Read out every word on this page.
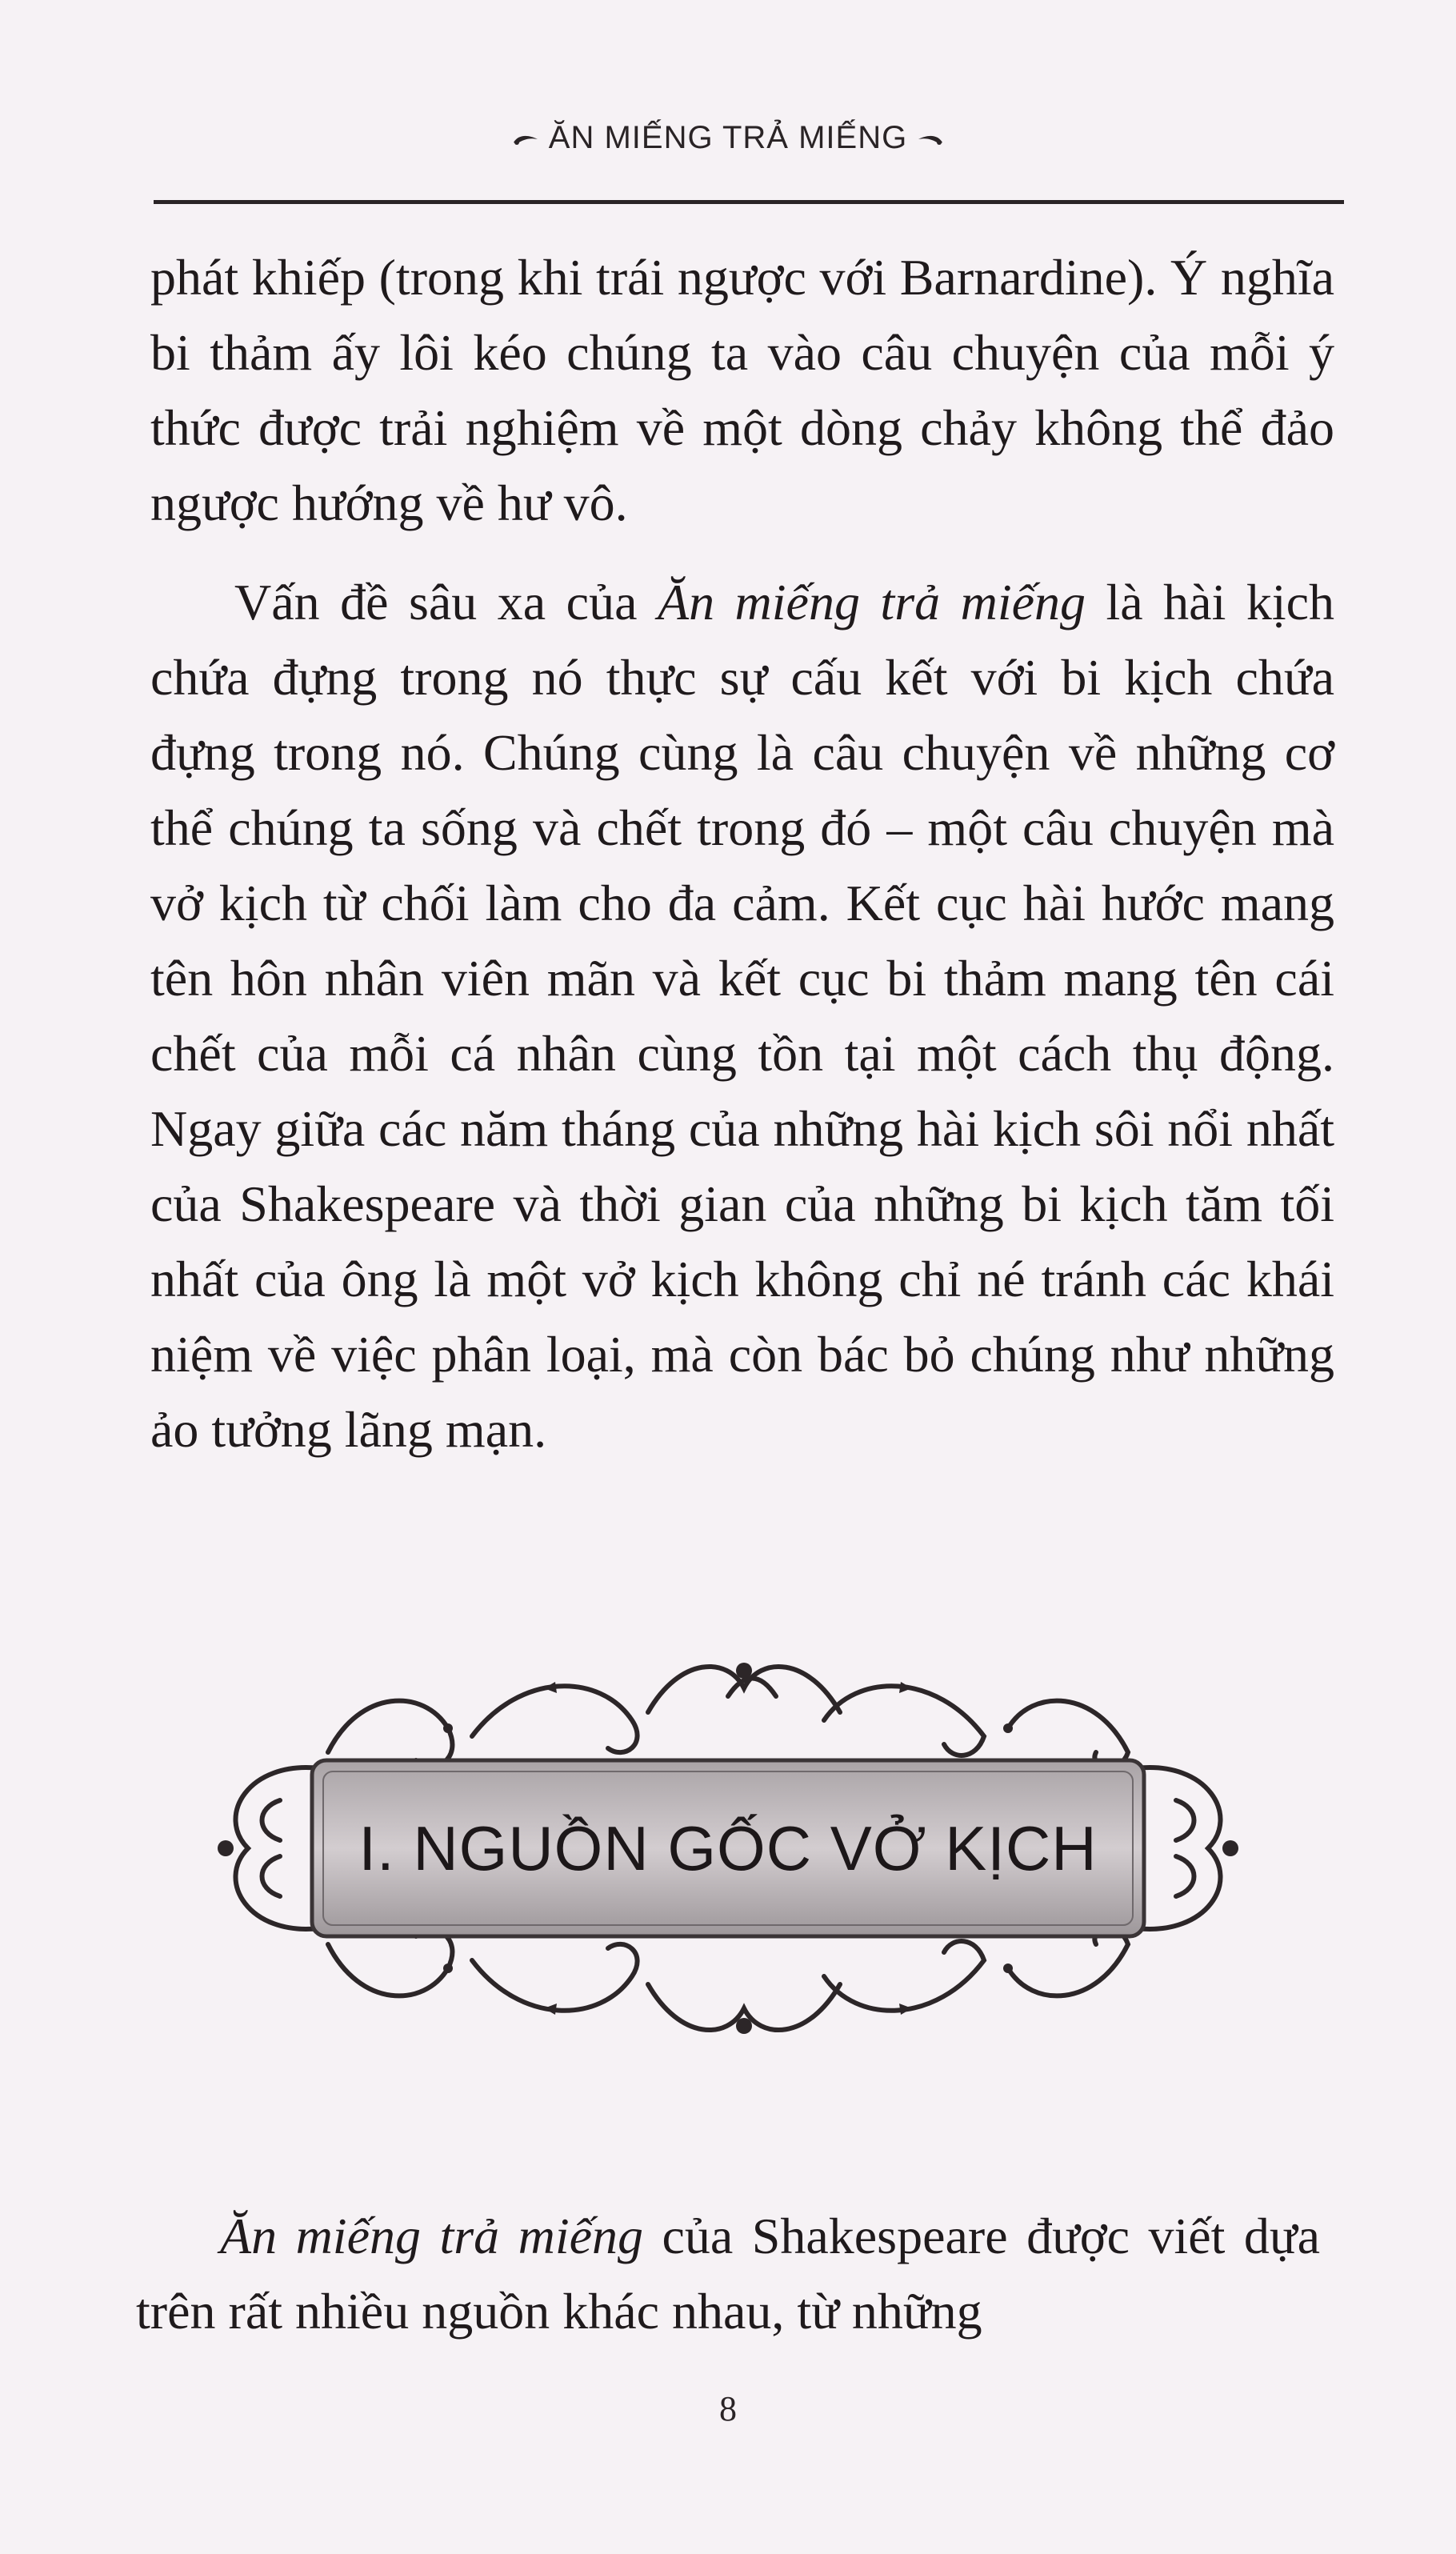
ĂN MIẾNG TRẢ MIẾNG

phát khiếp (trong khi trái ngược với Barnardine). Ý nghĩa bi thảm ấy lôi kéo chúng ta vào câu chuyện của mỗi ý thức được trải nghiệm về một dòng chảy không thể đảo ngược hướng về hư vô.

Vấn đề sâu xa của Ăn miếng trả miếng là hài kịch chứa đựng trong nó thực sự cấu kết với bi kịch chứa đựng trong nó. Chúng cùng là câu chuyện về những cơ thể chúng ta sống và chết trong đó – một câu chuyện mà vở kịch từ chối làm cho đa cảm. Kết cục hài hước mang tên hôn nhân viên mãn và kết cục bi thảm mang tên cái chết của mỗi cá nhân cùng tồn tại một cách thụ động. Ngay giữa các năm tháng của những hài kịch sôi nổi nhất của Shakespeare và thời gian của những bi kịch tăm tối nhất của ông là một vở kịch không chỉ né tránh các khái niệm về việc phân loại, mà còn bác bỏ chúng như những ảo tưởng lãng mạn.

I. NGUỒN GỐC VỞ KỊCH

Ăn miếng trả miếng của Shakespeare được viết dựa trên rất nhiều nguồn khác nhau, từ những

8
